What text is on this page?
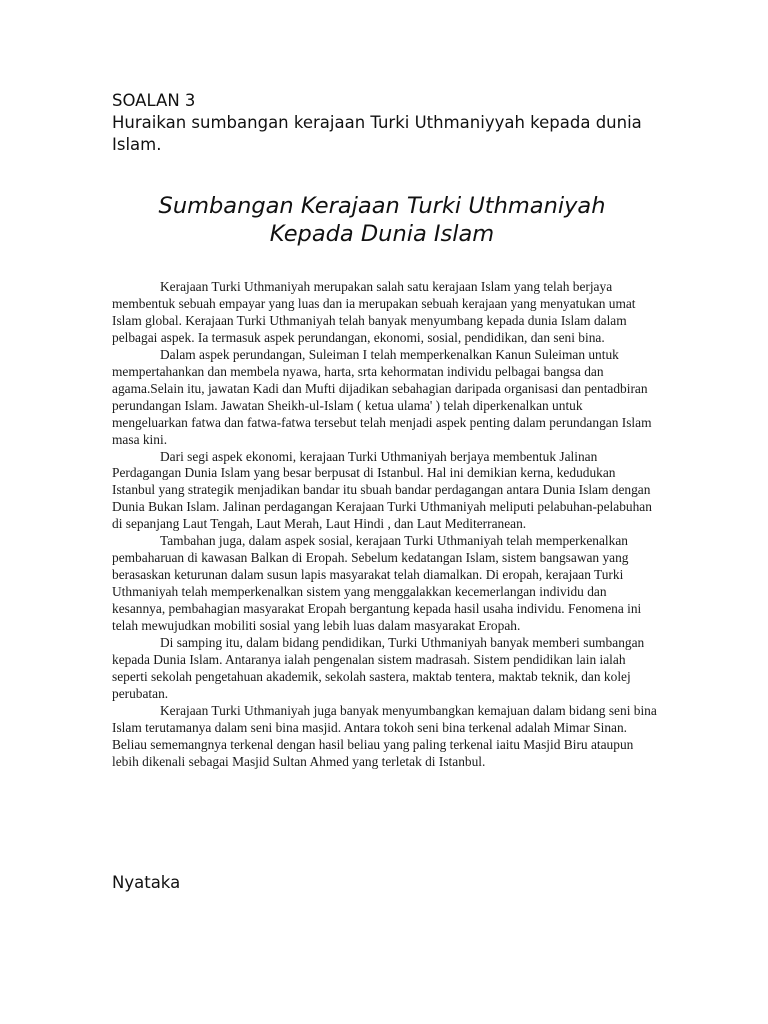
SOALAN 3
Huraikan sumbangan kerajaan Turki Uthmaniyyah kepada dunia Islam.
Sumbangan Kerajaan Turki Uthmaniyah
Kepada Dunia Islam

Kerajaan Turki Uthmaniyah merupakan salah satu kerajaan Islam yang telah berjaya membentuk sebuah empayar yang luas dan ia merupakan sebuah kerajaan yang menyatukan umat Islam global. Kerajaan Turki Uthmaniyah telah banyak menyumbang kepada dunia Islam dalam pelbagai aspek. Ia termasuk aspek perundangan, ekonomi, sosial, pendidikan, dan seni bina.

Dalam aspek perundangan, Suleiman I telah memperkenalkan Kanun Suleiman untuk mempertahankan dan membela nyawa, harta, srta kehormatan individu pelbagai bangsa dan agama.Selain itu, jawatan Kadi dan Mufti dijadikan sebahagian daripada organisasi dan pentadbiran perundangan Islam. Jawatan Sheikh-ul-Islam ( ketua ulama' ) telah diperkenalkan untuk mengeluarkan fatwa dan fatwa-fatwa tersebut telah menjadi aspek penting dalam perundangan Islam masa kini.

Dari segi aspek ekonomi, kerajaan Turki Uthmaniyah berjaya membentuk Jalinan Perdagangan Dunia Islam yang besar berpusat di Istanbul. Hal ini demikian kerna, kedudukan Istanbul yang strategik menjadikan bandar itu sbuah bandar perdagangan antara Dunia Islam dengan Dunia Bukan Islam. Jalinan perdagangan Kerajaan Turki Uthmaniyah meliputi pelabuhan-pelabuhan di sepanjang Laut Tengah, Laut Merah, Laut Hindi , dan Laut Mediterranean.

Tambahan juga, dalam aspek sosial, kerajaan Turki Uthmaniyah telah memperkenalkan pembaharuan di kawasan Balkan di Eropah. Sebelum kedatangan Islam, sistem bangsawan yang berasaskan keturunan dalam susun lapis masyarakat telah diamalkan. Di eropah, kerajaan Turki Uthmaniyah telah memperkenalkan sistem yang menggalakkan kecemerlangan individu dan kesannya, pembahagian masyarakat Eropah bergantung kepada hasil usaha individu. Fenomena ini telah mewujudkan mobiliti sosial yang lebih luas dalam masyarakat Eropah.

Di samping itu, dalam bidang pendidikan, Turki Uthmaniyah banyak memberi sumbangan kepada Dunia Islam. Antaranya ialah pengenalan sistem madrasah. Sistem pendidikan lain ialah seperti sekolah pengetahuan akademik, sekolah sastera, maktab tentera, maktab teknik, dan kolej perubatan.

Kerajaan Turki Uthmaniyah juga banyak menyumbangkan kemajuan dalam bidang seni bina Islam terutamanya dalam seni bina masjid. Antara tokoh seni bina terkenal adalah Mimar Sinan. Beliau sememangnya terkenal dengan hasil beliau yang paling terkenal iaitu Masjid Biru ataupun lebih dikenali sebagai Masjid Sultan Ahmed yang terletak di Istanbul.

Nyataka
